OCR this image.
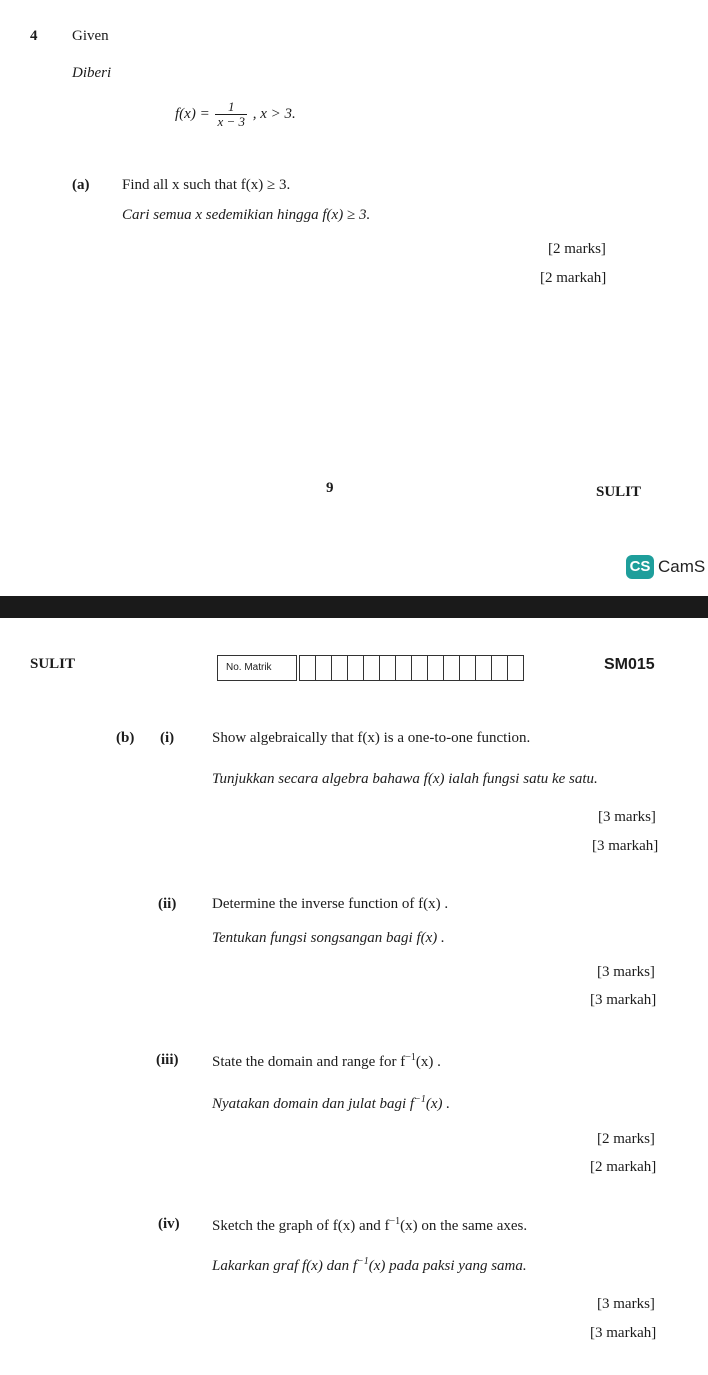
4 Given
Diberi
$f(x) = \frac{1}{x - 3}$ , x > 3.
(a) Find all x such that f(x) ≥ 3.
Cari semua x sedemikian hingga f(x) ≥ 3.
[2 marks]
[2 markah]
9	SULIT
CS CamS
SULIT	No. Matrik	SM015
(b) (i)	Show algebraically that f(x) is a one-to-one function.
Tunjukkan secara algebra bahawa f(x) ialah fungsi satu ke satu.
[3 marks]
[3 markah]
(ii) Determine the inverse function of f(x) .
Tentukan fungsi songsangan bagi f(x) .
[3 marks]
[3 markah]
(iii) State the domain and range for $f^{-1}(x)$ .
Nyatakan domain dan julat bagi $f^{-1}(x)$ .
[2 marks]
[2 markah]
(iv) Sketch the graph of f(x) and $f^{-1}(x)$ on the same axes.
Lakarkan graf f(x) dan $f^{-1}(x)$ pada paksi yang sama.
[3 marks]
[3 markah]
